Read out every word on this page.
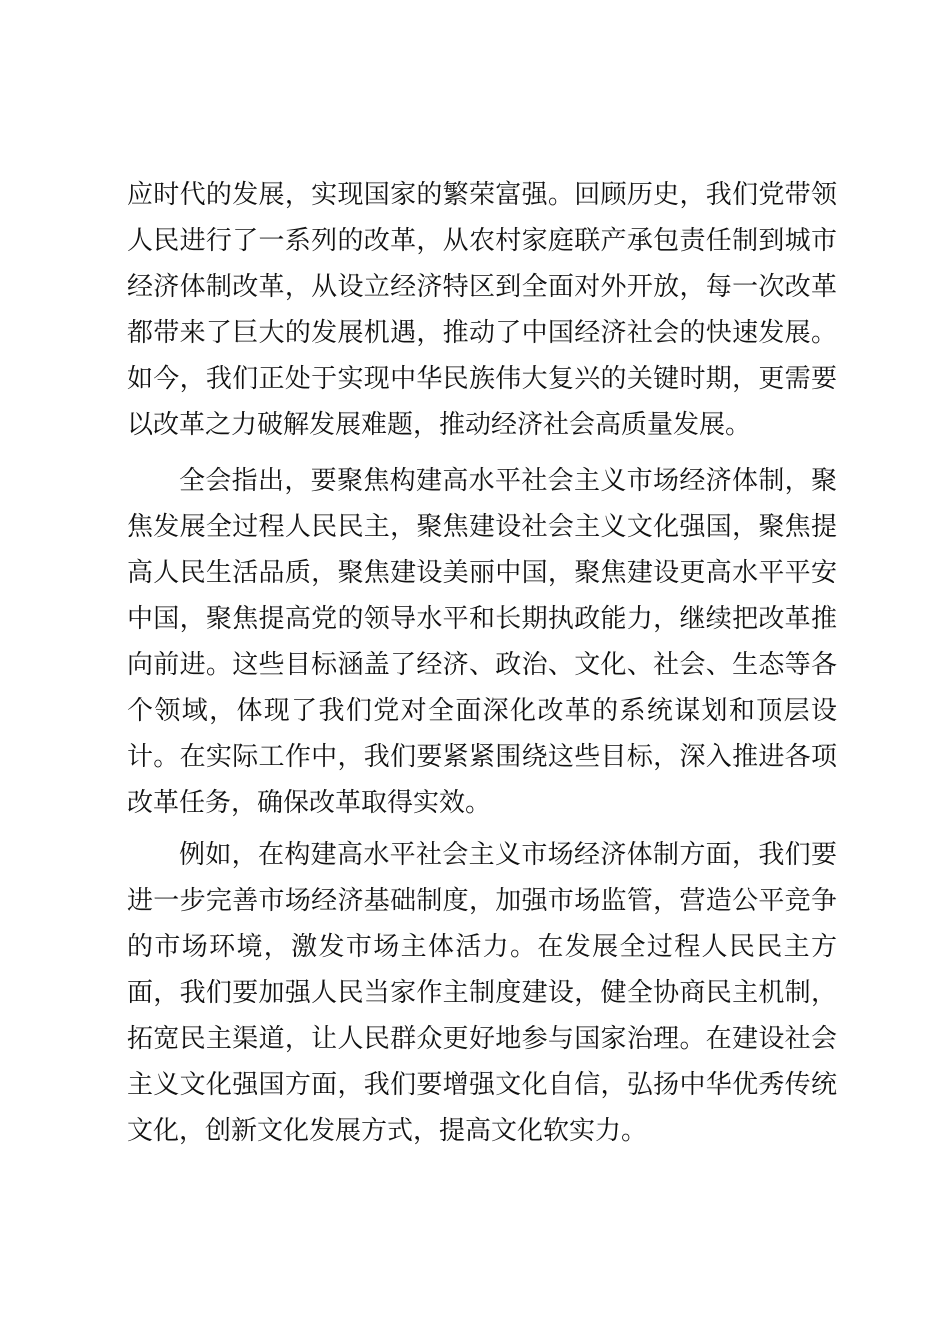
应时代的发展，实现国家的繁荣富强。回顾历史，我们党带领
人民进行了一系列的改革，从农村家庭联产承包责任制到城市
经济体制改革，从设立经济特区到全面对外开放，每一次改革
都带来了巨大的发展机遇，推动了中国经济社会的快速发展。
如今，我们正处于实现中华民族伟大复兴的关键时期，更需要
以改革之力破解发展难题，推动经济社会高质量发展。
全会指出，要聚焦构建高水平社会主义市场经济体制，聚
焦发展全过程人民民主，聚焦建设社会主义文化强国，聚焦提
高人民生活品质，聚焦建设美丽中国，聚焦建设更高水平平安
中国，聚焦提高党的领导水平和长期执政能力，继续把改革推
向前进。这些目标涵盖了经济、政治、文化、社会、生态等各
个领域，体现了我们党对全面深化改革的系统谋划和顶层设
计。在实际工作中，我们要紧紧围绕这些目标，深入推进各项
改革任务，确保改革取得实效。
例如，在构建高水平社会主义市场经济体制方面，我们要
进一步完善市场经济基础制度，加强市场监管，营造公平竞争
的市场环境，激发市场主体活力。在发展全过程人民民主方
面，我们要加强人民当家作主制度建设，健全协商民主机制，
拓宽民主渠道，让人民群众更好地参与国家治理。在建设社会
主义文化强国方面，我们要增强文化自信，弘扬中华优秀传统
文化，创新文化发展方式，提高文化软实力。
